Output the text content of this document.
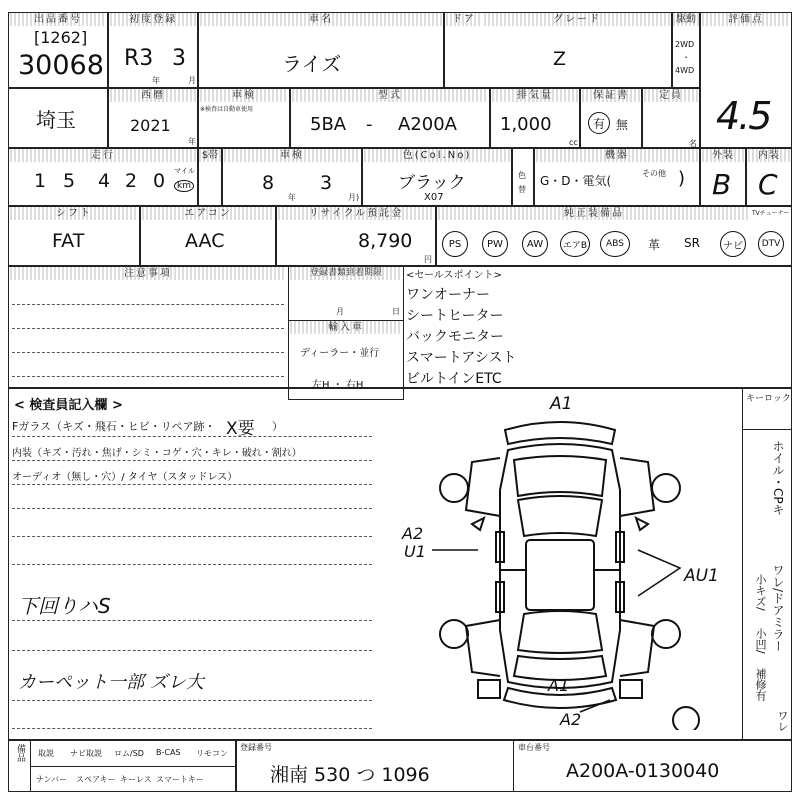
出品番号
[1262]
30068
初度登録
R3 3
年	月
車名
ライズ
ドア	グレード
Z
駆動
2WD
・
4WD
評価点
4.5
埼玉
西暦
2021
年
車検
※検査は自動車使用
型式
5BA - A200A
排気量
1,000
cc
保証書
有 無
定員
名
走行
1 5 4 2 0 マイル
km
$帯	車検
8
年
3
月)
色(Col.No)
ブラック
X07
色
替
機器
G・D・電気(
その他 )
外装
B
内装
C
シフト
FAT
エアコン
AAC
リサイクル預託金
8,790
円
純正装備品	TVチューナー
PS	PW	AW	エアB	ABS	革 SR	ナビ	DTV
注意事項	登録書類到着期限
月	日
輸入車
ディーラー・並行
左H ・ 右H
<セールスポイント>
ワンオーナー
シートヒーター
バックモニター
スマートアシスト
ビルトインETC
< 検査員記入欄 >
Fガラス（キズ・飛石・ヒビ・リペア跡・ X要 ）
内装（キズ・汚れ・焦げ・シミ・コゲ・穴・キレ・破れ・割れ）
オーディオ（無し・穴）/ タイヤ（スタッドレス）
下回りハS
カーペット一部 ズレ大
キーロック
ホイル・CPキ
ワレ/ドアミラー
小キズ/
小凹/
補修有
ワレ
A1
A2
U1
AU1
A1
A2
備品 取説 ナビ取説 ロム/SD B-CAS リモコン
ナンバー スペアキー キーレス スマートキー
登録番号
湘南 530 つ 1096
車台番号
A200A-0130040
